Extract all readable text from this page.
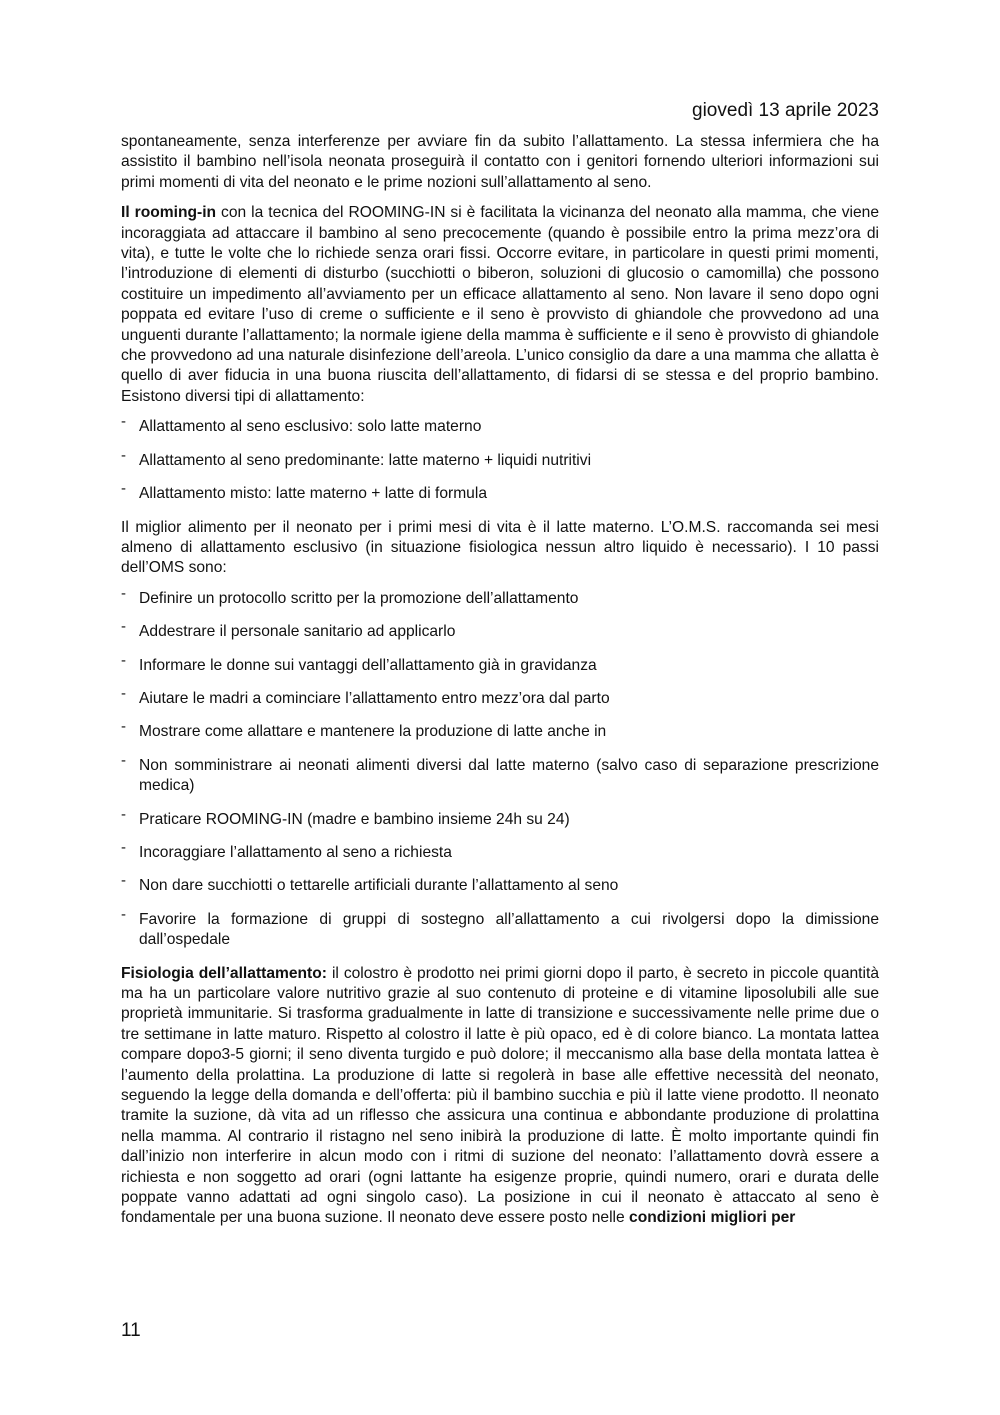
giovedì 13 aprile 2023

spontaneamente, senza interferenze per avviare fin da subito l’allattamento. La stessa infermiera che ha assistito il bambino nell’isola neonata proseguirà il contatto con i genitori fornendo ulteriori informazioni sui primi momenti di vita del neonato e le prime nozioni sull’allattamento al seno.

Il rooming-in con la tecnica del ROOMING-IN si è facilitata la vicinanza del neonato alla mamma, che viene incoraggiata ad attaccare il bambino al seno precocemente (quando è possibile entro la prima mezz’ora di vita), e tutte le volte che lo richiede senza orari fissi. Occorre evitare, in particolare in questi primi momenti, l’introduzione di elementi di disturbo (succhiotti o biberon, soluzioni di glucosio o camomilla) che possono costituire un impedimento all’avviamento per un efficace allattamento al seno. Non lavare il seno dopo ogni poppata ed evitare l’uso di creme o sufficiente e il seno è provvisto di ghiandole che provvedono ad una unguenti durante l’allattamento; la normale igiene della mamma è sufficiente e il seno è provvisto di ghiandole che provvedono ad una naturale disinfezione dell’areola. L’unico consiglio da dare a una mamma che allatta è quello di aver fiducia in una buona riuscita dell’allattamento, di fidarsi di se stessa e del proprio bambino. Esistono diversi tipi di allattamento:

- Allattamento al seno esclusivo: solo latte materno
- Allattamento al seno predominante: latte materno + liquidi nutritivi
- Allattamento misto: latte materno + latte di formula

Il miglior alimento per il neonato per i primi mesi di vita è il latte materno. L’O.M.S. raccomanda sei mesi almeno di allattamento esclusivo (in situazione fisiologica nessun altro liquido è necessario). I 10 passi dell’OMS sono:

- Definire un protocollo scritto per la promozione dell’allattamento
- Addestrare il personale sanitario ad applicarlo
- Informare le donne sui vantaggi dell’allattamento già in gravidanza
- Aiutare le madri a cominciare l’allattamento entro mezz’ora dal parto
- Mostrare come allattare e mantenere la produzione di latte anche in
- Non somministrare ai neonati alimenti diversi dal latte materno (salvo caso di separazione prescrizione medica)
- Praticare ROOMING-IN (madre e bambino insieme 24h su 24)
- Incoraggiare l’allattamento al seno a richiesta
- Non dare succhiotti o tettarelle artificiali durante l’allattamento al seno
- Favorire la formazione di gruppi di sostegno all’allattamento a cui rivolgersi dopo la dimissione dall’ospedale

Fisiologia dell’allattamento: il colostro è prodotto nei primi giorni dopo il parto, è secreto in piccole quantità ma ha un particolare valore nutritivo grazie al suo contenuto di proteine e di vitamine liposolubili alle sue proprietà immunitarie. Si trasforma gradualmente in latte di transizione e successivamente nelle prime due o tre settimane in latte maturo. Rispetto al colostro il latte è più opaco, ed è di colore bianco. La montata lattea compare dopo3-5 giorni; il seno diventa turgido e può dolore; il meccanismo alla base della montata lattea è l’aumento della prolattina. La produzione di latte si regolerà in base alle effettive necessità del neonato, seguendo la legge della domanda e dell’offerta: più il bambino succhia e più il latte viene prodotto. Il neonato tramite la suzione, dà vita ad un riflesso che assicura una continua e abbondante produzione di prolattina nella mamma. Al contrario il ristagno nel seno inibirà la produzione di latte. È molto importante quindi fin dall’inizio non interferire in alcun modo con i ritmi di suzione del neonato: l’allattamento dovrà essere a richiesta e non soggetto ad orari (ogni lattante ha esigenze proprie, quindi numero, orari e durata delle poppate vanno adattati ad ogni singolo caso). La posizione in cui il neonato è attaccato al seno è fondamentale per una buona suzione. Il neonato deve essere posto nelle condizioni migliori per

11
